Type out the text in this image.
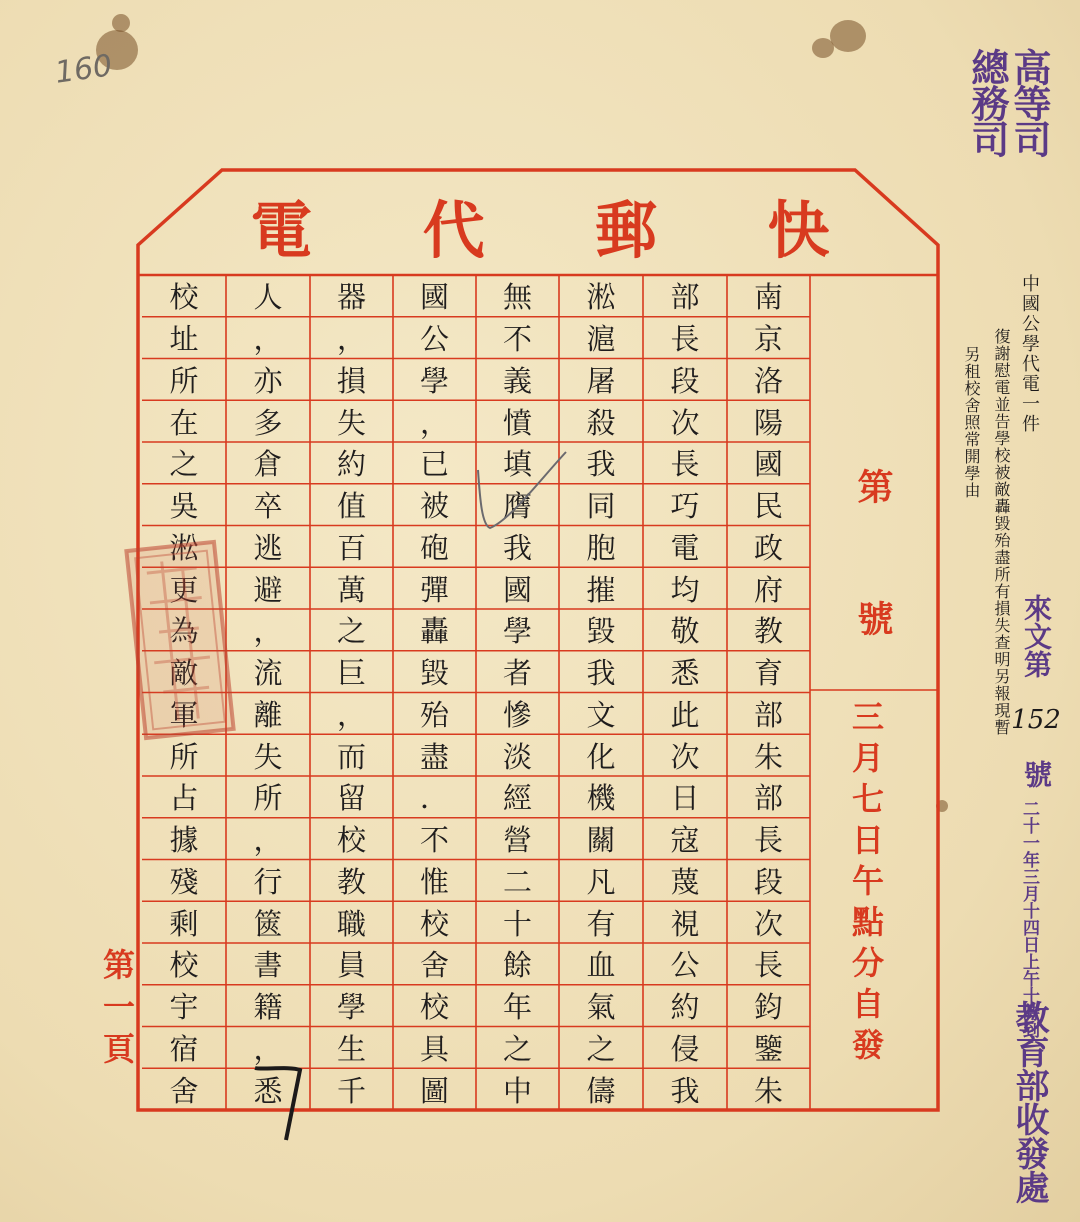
160	高等司
總務司
電 代 郵 快
南
京
洛
陽
國
民
政
府
教
育
部
朱
部
長
段
次
長
鈞
鑒
朱
部
長
段
次
長
巧
電
均
敬
悉
此
次
日
寇
蔑
視
公
約
侵
我
淞
滬
屠
殺
我
同
胞
摧
毀
我
文
化
機
關
凡
有
血
氣
之
儔
無
不
義
憤
填
膺
我
國
學
者
慘
淡
經
營
二
十
餘
年
之
中
國
公
學
，
已
被
砲
彈
轟
毀
殆
盡
．
不
惟
校
舍
校
具
圖
器
，
損
失
約
值
百
萬
之
巨
，
而
留
校
教
職
員
學
生
千
人
，
亦
多
倉
卒
逃
避
，
流
離
失
所
，
行
篋
書
籍
，
悉
校
址
所
在
之
吳
所
占
據
殘
剩
校
宇
宿
舍
第
號
三月七日午點分自發
第一頁
中國公學代電一件
復謝慰電並告學校被敵轟毀殆盡所有損失查明另報現暫
另租校舍照常開學由
來文第
152
號
二十一年三月十四日上午十時到
教育部收發處
